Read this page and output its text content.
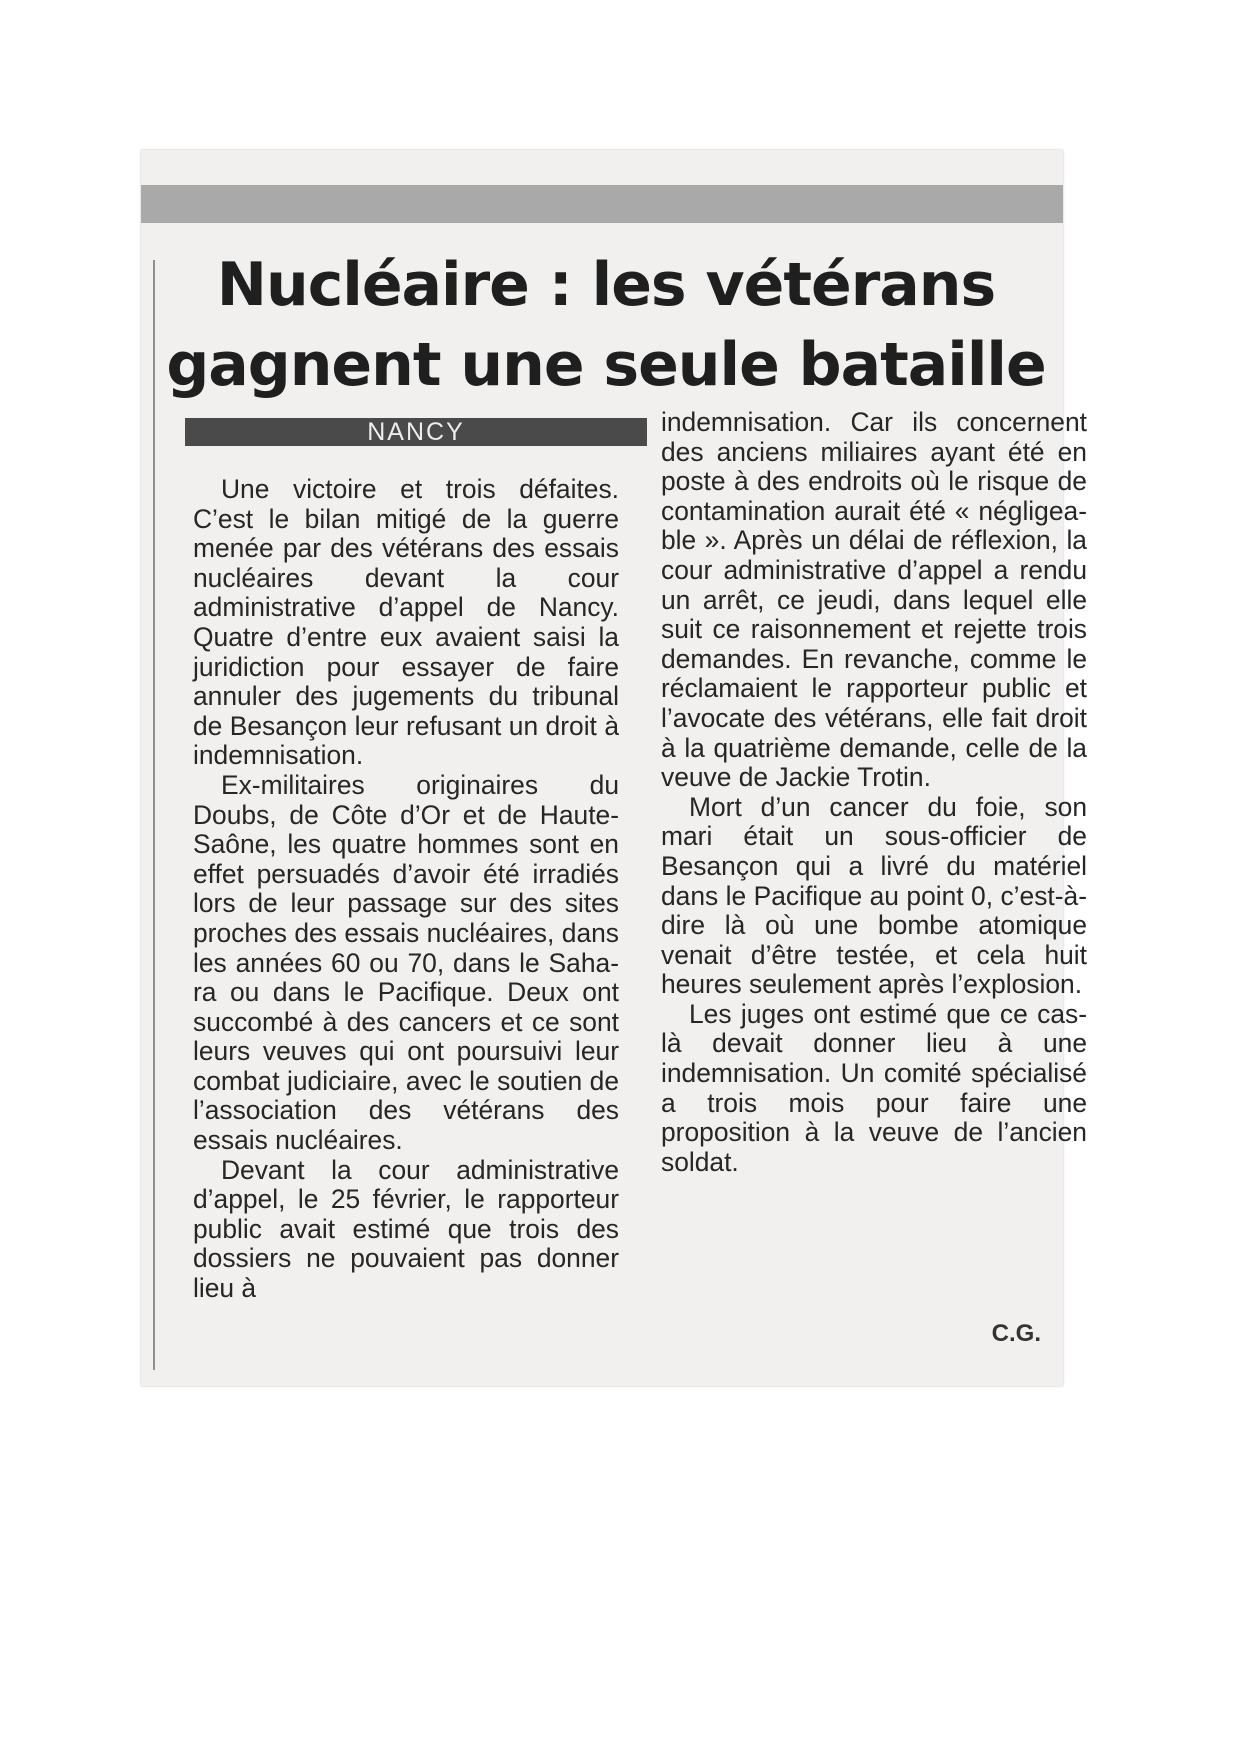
Nucléaire : les vétérans gagnent une seule bataille
NANCY

Une victoire et trois défaites. C’est le bilan mitigé de la guerre menée par des vétérans des essais nucléaires devant la cour administrative d’appel de Nancy. Quatre d’entre eux avaient saisi la juridiction pour essayer de faire annuler des jugements du tribunal de Besançon leur refusant un droit à indemnisation.

Ex-militaires originaires du Doubs, de Côte d’Or et de Haute-Saône, les quatre hommes sont en effet persuadés d’avoir été irradiés lors de leur passage sur des sites proches des essais nucléaires, dans les années 60 ou 70, dans le Sahara ou dans le Pacifique. Deux ont succombé à des cancers et ce sont leurs veuves qui ont poursuivi leur combat judiciaire, avec le soutien de l’association des vétérans des essais nucléaires.

Devant la cour administrative d’appel, le 25 février, le rapporteur public avait estimé que trois des dossiers ne pouvaient pas donner lieu à

indemnisation. Car ils concernent des anciens miliaires ayant été en poste à des endroits où le risque de contamination aurait été « négligeable ». Après un délai de réflexion, la cour administrative d’appel a rendu un arrêt, ce jeudi, dans lequel elle suit ce raisonnement et rejette trois demandes. En revanche, comme le réclamaient le rapporteur public et l’avocate des vétérans, elle fait droit à la quatrième demande, celle de la veuve de Jackie Trotin.

Mort d’un cancer du foie, son mari était un sous-officier de Besançon qui a livré du matériel dans le Pacifique au point 0, c’est-à-dire là où une bombe atomique venait d’être testée, et cela huit heures seulement après l’explosion.

Les juges ont estimé que ce cas-là devait donner lieu à une indemnisation. Un comité spécialisé a trois mois pour faire une proposition à la veuve de l’ancien soldat.

C.G.
